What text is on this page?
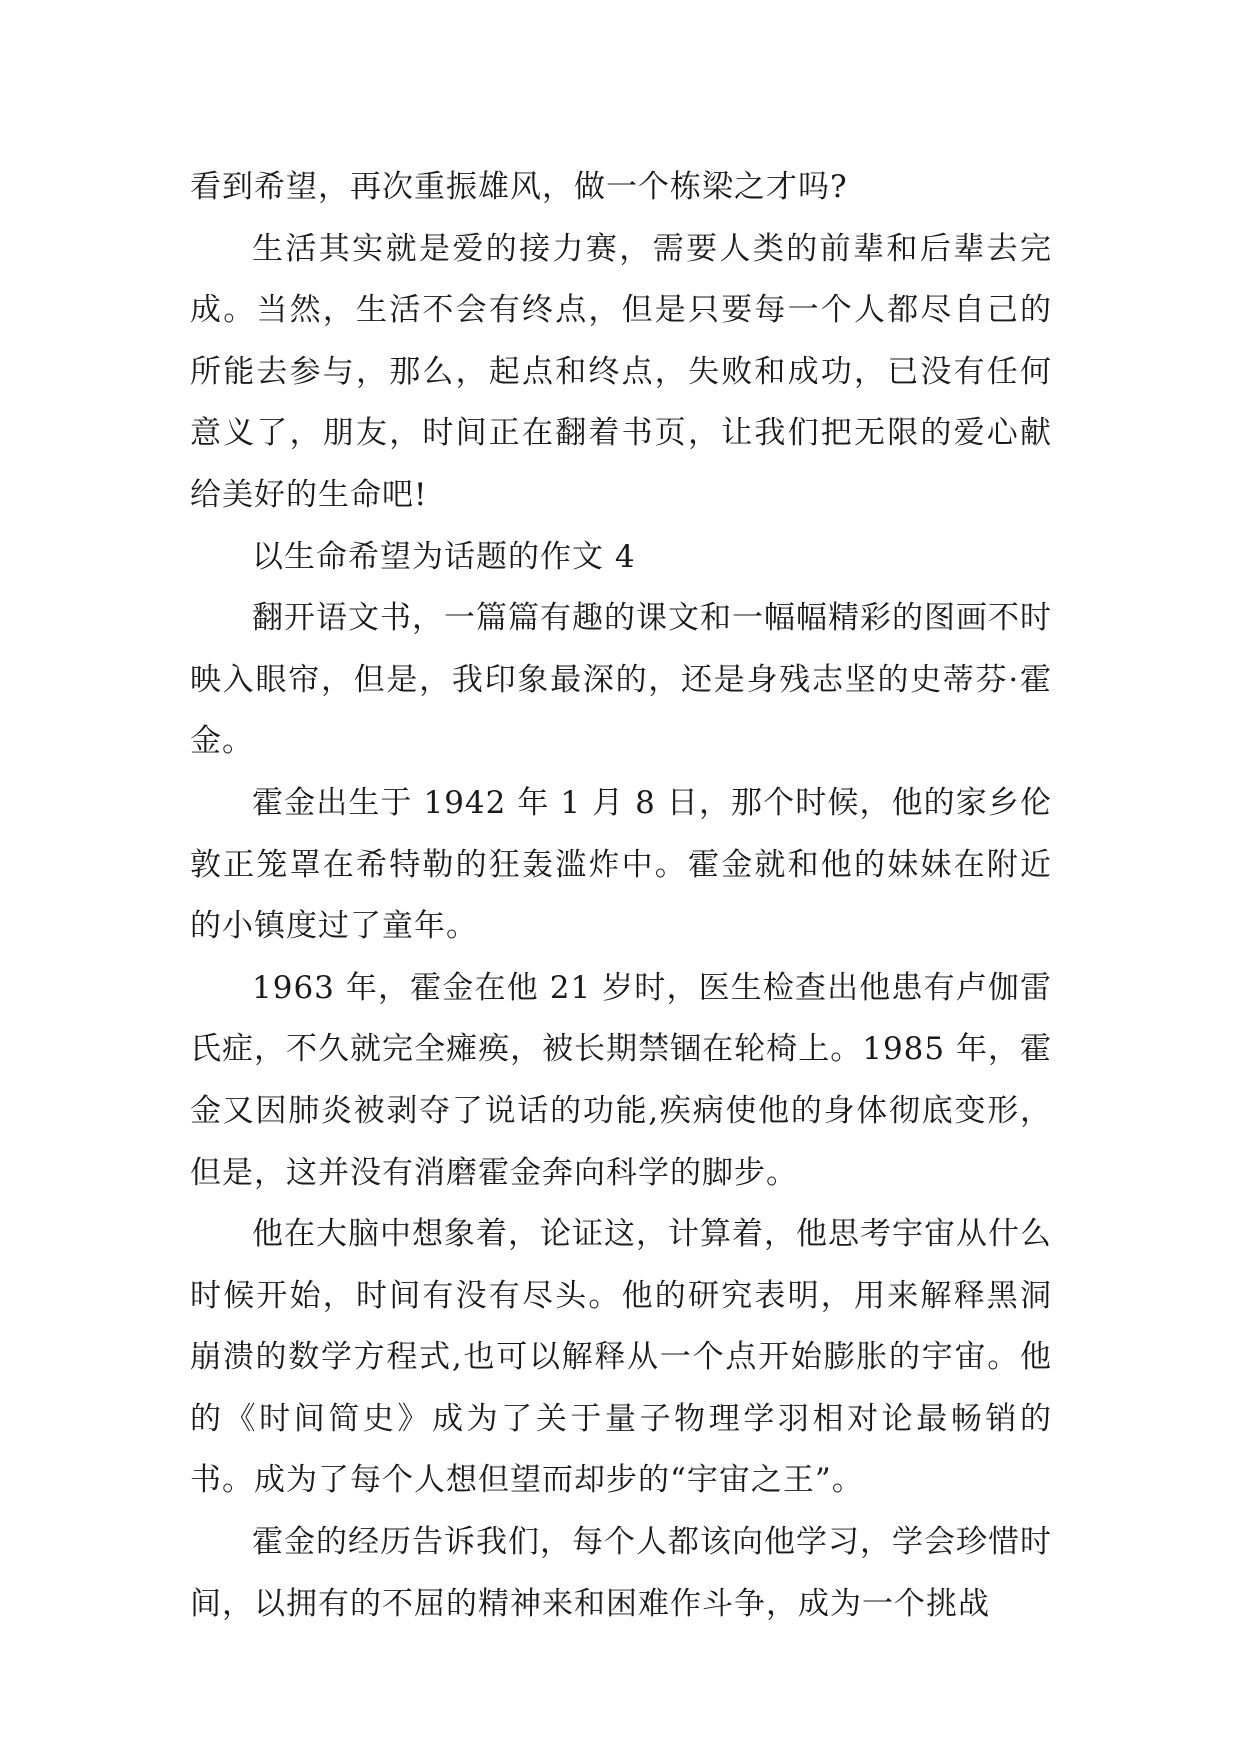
看到希望，再次重振雄风，做一个栋梁之才吗?

生活其实就是爱的接力赛，需要人类的前辈和后辈去完成。当然，生活不会有终点，但是只要每一个人都尽自己的所能去参与，那么，起点和终点，失败和成功，已没有任何意义了，朋友，时间正在翻着书页，让我们把无限的爱心献给美好的生命吧!

以生命希望为话题的作文 4

翻开语文书，一篇篇有趣的课文和一幅幅精彩的图画不时映入眼帘，但是，我印象最深的，还是身残志坚的史蒂芬·霍金。

霍金出生于 1942 年 1 月 8 日，那个时候，他的家乡伦敦正笼罩在希特勒的狂轰滥炸中。霍金就和他的妹妹在附近的小镇度过了童年。

1963 年，霍金在他 21 岁时，医生检查出他患有卢伽雷氏症，不久就完全瘫痪，被长期禁锢在轮椅上。1985 年，霍金又因肺炎被剥夺了说话的功能,疾病使他的身体彻底变形，但是，这并没有消磨霍金奔向科学的脚步。

他在大脑中想象着，论证这，计算着，他思考宇宙从什么时候开始，时间有没有尽头。他的研究表明，用来解释黑洞崩溃的数学方程式,也可以解释从一个点开始膨胀的宇宙。他的《时间简史》成为了关于量子物理学羽相对论最畅销的书。成为了每个人想但望而却步的“宇宙之王”。

霍金的经历告诉我们，每个人都该向他学习，学会珍惜时间，以拥有的不屈的精神来和困难作斗争，成为一个挑战
